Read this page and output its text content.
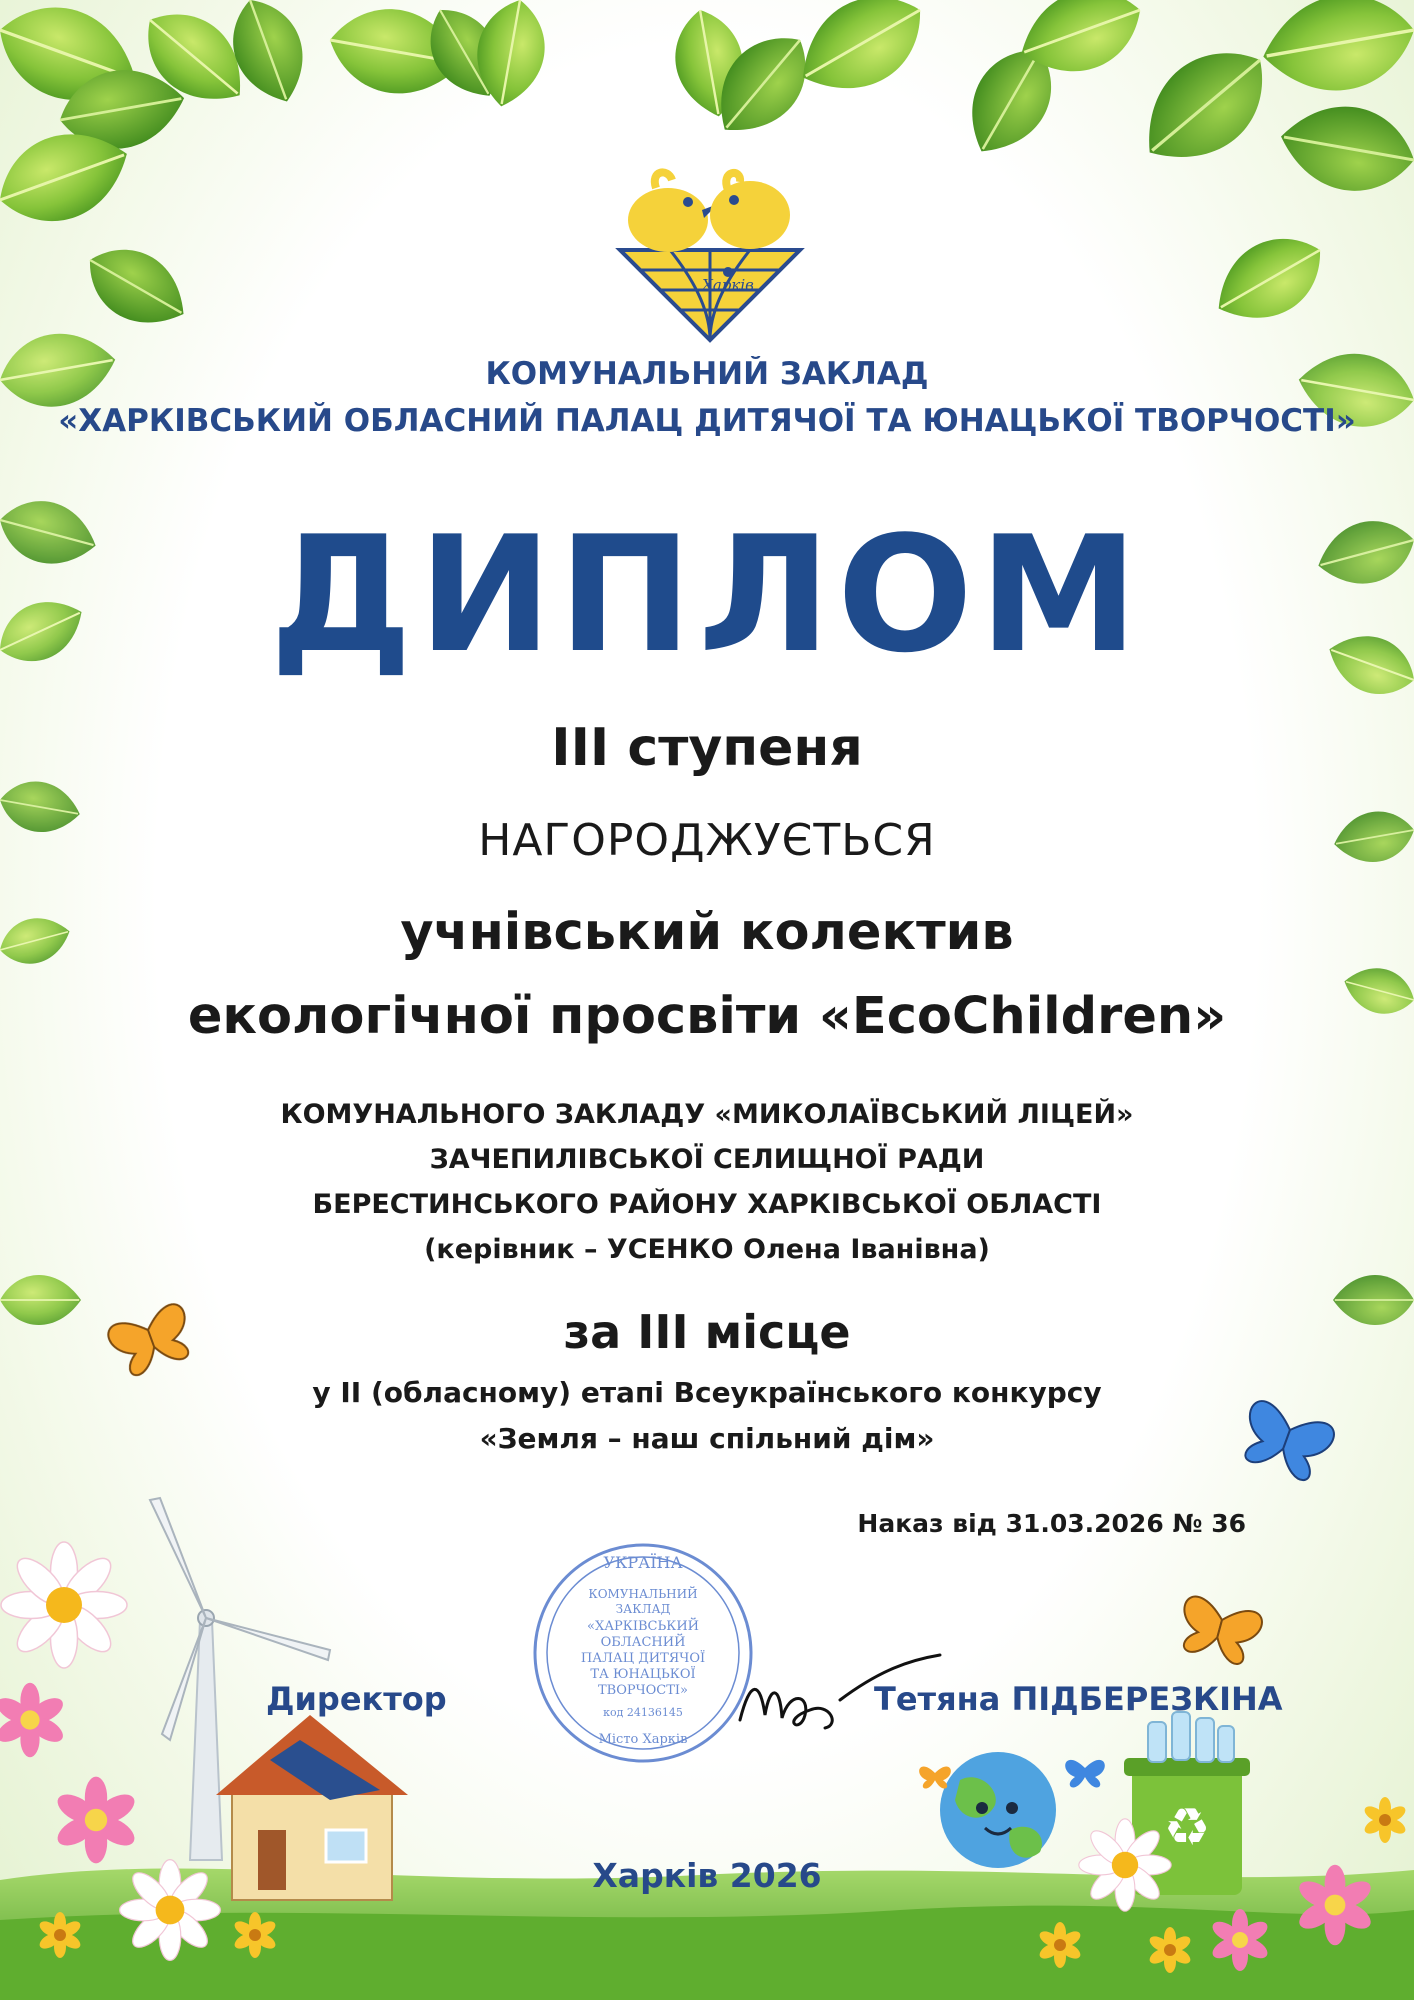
♻
Харків
КОМУНАЛЬНИЙ ЗАКЛАД
«ХАРКІВСЬКИЙ ОБЛАСНИЙ ПАЛАЦ ДИТЯЧОЇ ТА ЮНАЦЬКОЇ ТВОРЧОСТІ»
ДИПЛОМ
ІІІ ступеня
НАГОРОДЖУЄТЬСЯ
учнівський колектив
екологічної просвіти «EcoChildren»
КОМУНАЛЬНОГО ЗАКЛАДУ «МИКОЛАЇВСЬКИЙ ЛІЦЕЙ»
ЗАЧЕПИЛІВСЬКОЇ СЕЛИЩНОЇ РАДИ
БЕРЕСТИНСЬКОГО РАЙОНУ ХАРКІВСЬКОЇ ОБЛАСТІ
(керівник – УСЕНКО Олена Іванівна)
за ІІІ місце
у ІІ (обласному) етапі Всеукраїнського конкурсу
«Земля – наш спільний дім»
Наказ від 31.03.2026 № 36
УКРАЇНА
КОМУНАЛЬНИЙ
ЗАКЛАД
«ХАРКІВСЬКИЙ
ОБЛАСНИЙ
ПАЛАЦ ДИТЯЧОЇ
ТА ЮНАЦЬКОЇ
ТВОРЧОСТІ»
код 24136145
Місто Харків
Директор	Тетяна ПІДБЕРЕЗКІНА
Харків 2026
